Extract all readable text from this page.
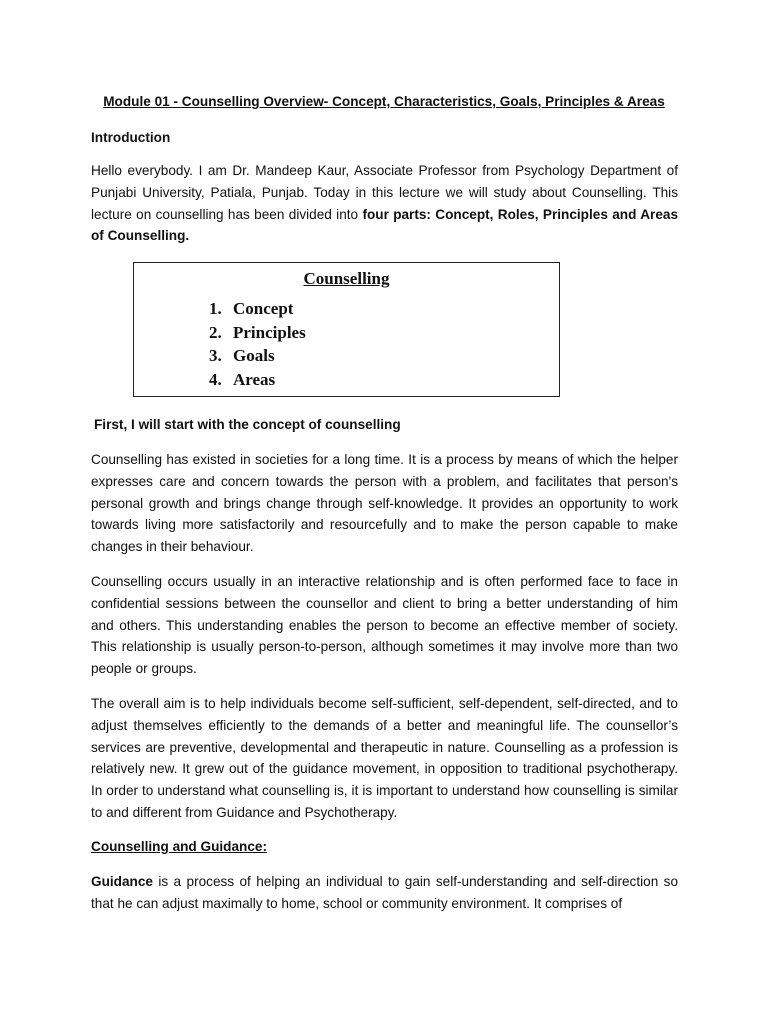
Module 01 - Counselling Overview- Concept, Characteristics, Goals, Principles & Areas

Introduction

Hello everybody. I am Dr. Mandeep Kaur, Associate Professor from Psychology Department of Punjabi University, Patiala, Punjab. Today in this lecture we will study about Counselling. This lecture on counselling has been divided into four parts: Concept, Roles, Principles and Areas of Counselling.

Counselling
1. Concept
2. Principles
3. Goals
4. Areas

First, I will start with the concept of counselling

Counselling has existed in societies for a long time. It is a process by means of which the helper expresses care and concern towards the person with a problem, and facilitates that person's personal growth and brings change through self-knowledge. It provides an opportunity to work towards living more satisfactorily and resourcefully and to make the person capable to make changes in their behaviour.

Counselling occurs usually in an interactive relationship and is often performed face to face in confidential sessions between the counsellor and client to bring a better understanding of him and others. This understanding enables the person to become an effective member of society. This relationship is usually person-to-person, although sometimes it may involve more than two people or groups.

The overall aim is to help individuals become self-sufficient, self-dependent, self-directed, and to adjust themselves efficiently to the demands of a better and meaningful life. The counsellor’s services are preventive, developmental and therapeutic in nature. Counselling as a profession is relatively new. It grew out of the guidance movement, in opposition to traditional psychotherapy. In order to understand what counselling is, it is important to understand how counselling is similar to and different from Guidance and Psychotherapy.

Counselling and Guidance:

Guidance is a process of helping an individual to gain self-understanding and self-direction so that he can adjust maximally to home, school or community environment. It comprises of
